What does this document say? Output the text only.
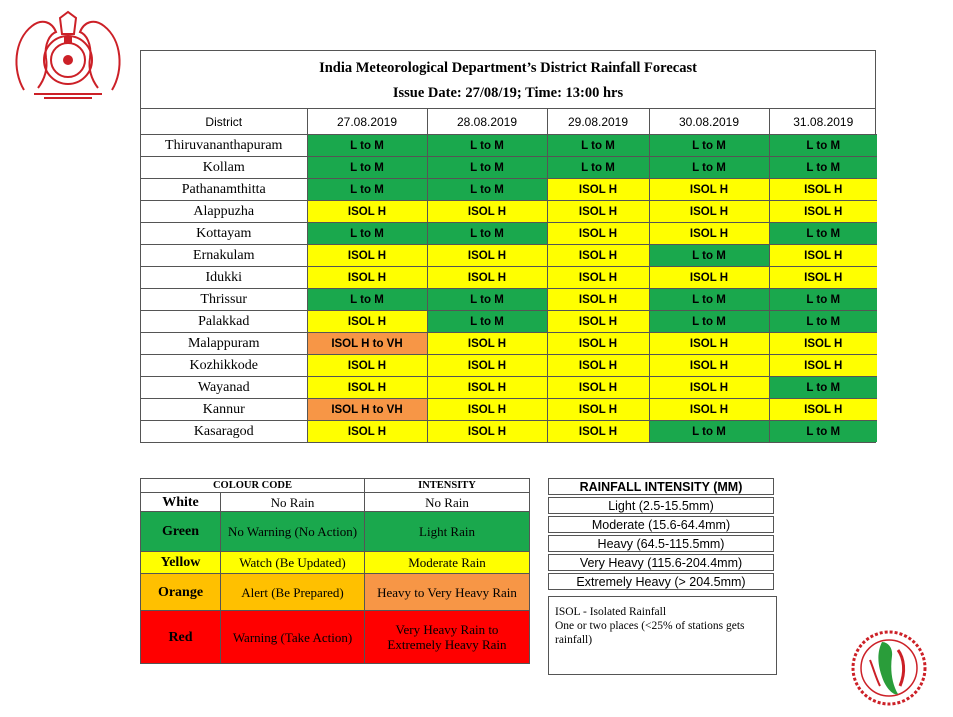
India Meteorological Department’s District Rainfall Forecast
Issue Date: 27/08/19; Time: 13:00 hrs
District	27.08.2019	28.08.2019	29.08.2019	30.08.2019	31.08.2019
Thiruvananthapuram	L to M	L to M	L to M	L to M	L to M
Kollam	L to M	L to M	L to M	L to M	L to M
Pathanamthitta	L to M	L to M	ISOL H	ISOL H	ISOL H
Alappuzha	ISOL H	ISOL H	ISOL H	ISOL H	ISOL H
Kottayam	L to M	L to M	ISOL H	ISOL H	L to M
Ernakulam	ISOL H	ISOL H	ISOL H	L to M	ISOL H
Idukki	ISOL H	ISOL H	ISOL H	ISOL H	ISOL H
Thrissur	L to M	L to M	ISOL H	L to M	L to M
Palakkad	ISOL H	L to M	ISOL H	L to M	L to M
Malappuram	ISOL H to VH	ISOL H	ISOL H	ISOL H	ISOL H
Kozhikkode	ISOL H	ISOL H	ISOL H	ISOL H	ISOL H
Wayanad	ISOL H	ISOL H	ISOL H	ISOL H	L to M
Kannur	ISOL H to VH	ISOL H	ISOL H	ISOL H	ISOL H
Kasaragod	ISOL H	ISOL H	ISOL H	L to M	L to M
COLOUR CODE		INTENSITY
White	No Rain	No Rain
Green	No Warning (No Action)	Light Rain
Yellow	Watch (Be Updated)	Moderate Rain
Orange	Alert (Be Prepared)	Heavy to Very Heavy Rain
Red	Warning (Take Action)	Very Heavy Rain to Extremely Heavy Rain
RAINFALL INTENSITY (MM)
Light (2.5-15.5mm)
Moderate (15.6-64.4mm)
Heavy (64.5-115.5mm)
Very Heavy (115.6-204.4mm)
Extremely Heavy (> 204.5mm)
ISOL - Isolated Rainfall
One or two places (<25% of stations gets rainfall)
